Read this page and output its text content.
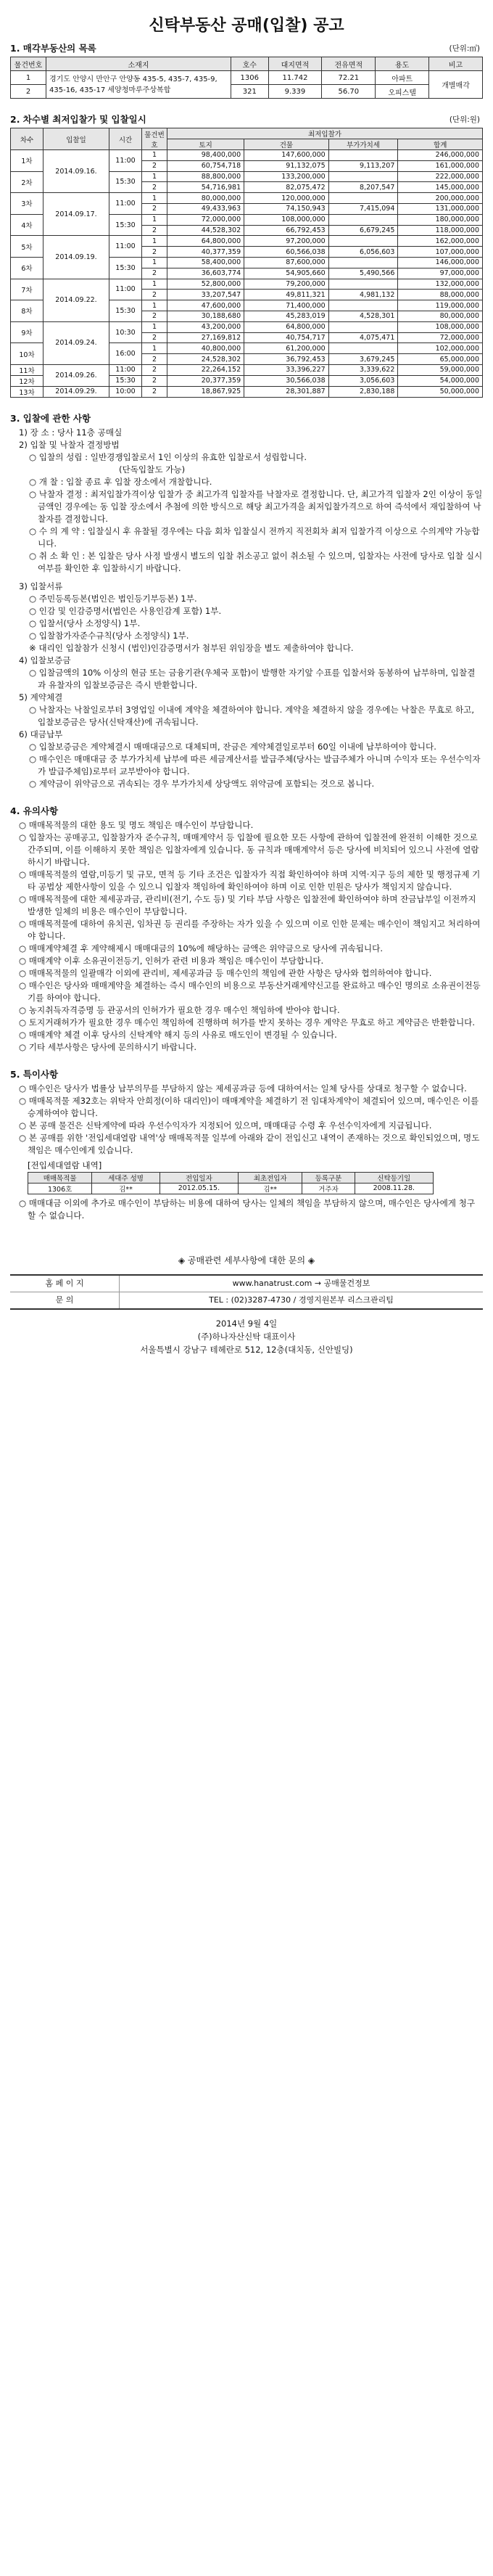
신탁부동산 공매(입찰) 공고
1. 매각부동산의 목록	(단위:㎡)
물건번호	소재지	호수	대지면적	전유면적	용도	비고
1	경기도 안양시 만안구 안양동 435-5, 435-7, 435-9, 435-16, 435-17 세양청마루주상복합	1306	11.742	72.21	아파트	개별매각
2		321	9.339	56.70	오피스텔	
2. 차수별 최저입찰가 및 입찰일시	(단위:원)
차수	입찰일	시간	물건번호	최저입찰가			
				토지	건물	부가가치세	합계
1차	2014.09.16.	11:00	1	98,400,000	147,600,000		246,000,000
			2	60,754,718	91,132,075	9,113,207	161,000,000
2차		15:30	1	88,800,000	133,200,000		222,000,000
			2	54,716,981	82,075,472	8,207,547	145,000,000
3차	2014.09.17.	11:00	1	80,000,000	120,000,000		200,000,000
			2	49,433,963	74,150,943	7,415,094	131,000,000
4차		15:30	1	72,000,000	108,000,000		180,000,000
			2	44,528,302	66,792,453	6,679,245	118,000,000
5차	2014.09.19.	11:00	1	64,800,000	97,200,000		162,000,000
			2	40,377,359	60,566,038	6,056,603	107,000,000
6차		15:30	1	58,400,000	87,600,000		146,000,000
			2	36,603,774	54,905,660	5,490,566	97,000,000
7차	2014.09.22.	11:00	1	52,800,000	79,200,000		132,000,000
			2	33,207,547	49,811,321	4,981,132	88,000,000
8차		15:30	1	47,600,000	71,400,000		119,000,000
			2	30,188,680	45,283,019	4,528,301	80,000,000
9차	2014.09.24.	10:30	1	43,200,000	64,800,000		108,000,000
			2	27,169,812	40,754,717	4,075,471	72,000,000
10차		16:00	1	40,800,000	61,200,000		102,000,000
			2	24,528,302	36,792,453	3,679,245	65,000,000
11차	2014.09.26.	11:00	2	22,264,152	33,396,227	3,339,622	59,000,000
12차		15:30	2	20,377,359	30,566,038	3,056,603	54,000,000
13차	2014.09.29.	10:00	2	18,867,925	28,301,887	2,830,188	50,000,000
3. 입찰에 관한 사항

1) 장 소 : 당사 11층 공매실

2) 입찰 및 낙찰자 결정방법

○ 입찰의 성립 : 일반경쟁입찰로서 1인 이상의 유효한 입찰로서 성립합니다.

(단독입찰도 가능)

○ 개 찰 : 입찰 종료 후 입찰 장소에서 개찰합니다.

○ 낙찰자 결정 : 최저입찰가격이상 입찰가 중 최고가격 입찰자를 낙찰자로 결정합니다. 단, 최고가격 입찰자 2인 이상이 동일금액인 경우에는 동 입찰 장소에서 추첨에 의한 방식으로 해당 최고가격을 최저입찰가격으로 하여 즉석에서 재입찰하여 낙찰자를 결정합니다.

○ 수 의 계 약 : 입찰실시 후 유찰될 경우에는 다음 회차 입찰실시 전까지 직전회차 최저 입찰가격 이상으로 수의계약 가능합니다.

○ 취 소 확 인 : 본 입찰은 당사 사정 발생시 별도의 입찰 취소공고 없이 취소될 수 있으며, 입찰자는 사전에 당사로 입찰 실시 여부를 확인한 후 입찰하시기 바랍니다.

3) 입찰서류

○ 주민등록등본(법인은 법인등기부등본) 1부.

○ 인감 및 인감증명서(법인은 사용인감계 포함) 1부.

○ 입찰서(당사 소정양식) 1부.

○ 입찰참가자준수규칙(당사 소정양식) 1부.

※ 대리인 입찰참가 신청시 (법인)인감증명서가 첨부된 위임장을 별도 제출하여야 합니다.

4) 입찰보증금

○ 입찰금액의 10% 이상의 현금 또는 금융기관(우체국 포함)이 발행한 자기앞 수표를 입찰서와 동봉하여 납부하며, 입찰결과 유찰자의 입찰보증금은 즉시 반환합니다.

5) 계약체결

○ 낙찰자는 낙찰일로부터 3영업일 이내에 계약을 체결하여야 합니다. 계약을 체결하지 않을 경우에는 낙찰은 무효로 하고, 입찰보증금은 당사(신탁재산)에 귀속됩니다.

6) 대금납부

○ 입찰보증금은 계약체결시 매매대금으로 대체되며, 잔금은 계약체결일로부터 60일 이내에 납부하여야 합니다.

○ 매수인은 매매대금 중 부가가치세 납부에 따른 세금계산서를 발급주체(당사는 발급주체가 아니며 수익자 또는 우선수익자가 발급주체임)로부터 교부받아야 합니다.

○ 계약금이 위약금으로 귀속되는 경우 부가가치세 상당액도 위약금에 포함되는 것으로 봅니다.

4. 유의사항

○ 매매목적물의 대한 용도 및 명도 책임은 매수인이 부담합니다.

○ 입찰자는 공매공고, 입찰참가자 준수규칙, 매매계약서 등 입찰에 필요한 모든 사항에 관하여 입찰전에 완전히 이해한 것으로 간주되며, 이를 이해하지 못한 책임은 입찰자에게 있습니다. 동 규칙과 매매계약서 등은 당사에 비치되어 있으니 사전에 열람하시기 바랍니다.

○ 매매목적물의 열람,미등기 및 규모, 면적 등 기타 조건은 입찰자가 직접 확인하여야 하며 지역·지구 등의 제한 및 행정규제 기타 공법상 제한사항이 있을 수 있으니 입찰자 책임하에 확인하여야 하며 이로 인한 민원은 당사가 책임지지 않습니다.

○ 매매목적물에 대한 제세공과금, 관리비(전기, 수도 등) 및 기타 부담 사항은 입찰전에 확인하여야 하며 잔금납부일 이전까지 발생한 일체의 비용은 매수인이 부담합니다.

○ 매매목적물에 대하여 유치권, 임차권 등 권리를 주장하는 자가 있을 수 있으며 이로 인한 문제는 매수인이 책임지고 처리하여야 합니다.

○ 매매계약체결 후 계약해제시 매매대금의 10%에 해당하는 금액은 위약금으로 당사에 귀속됩니다.

○ 매매계약 이후 소유권이전등기, 인허가 관련 비용과 책임은 매수인이 부담합니다.

○ 매매목적물의 일괄매각 이외에 관리비, 제세공과금 등 매수인의 책임에 관한 사항은 당사와 협의하여야 합니다.

○ 매수인은 당사와 매매계약을 체결하는 즉시 매수인의 비용으로 부동산거래계약신고를 완료하고 매수인 명의로 소유권이전등기를 하여야 합니다.

○ 농지취득자격증명 등 관공서의 인허가가 필요한 경우 매수인 책임하에 받아야 합니다.

○ 토지거래허가가 필요한 경우 매수인 책임하에 진행하며 허가를 받지 못하는 경우 계약은 무효로 하고 계약금은 반환합니다.

○ 매매계약 체결 이후 당사의 신탁계약 해지 등의 사유로 매도인이 변경될 수 있습니다.

○ 기타 세부사항은 당사에 문의하시기 바랍니다.

5. 특이사항

○ 매수인은 당사가 법률상 납부의무를 부담하지 않는 제세공과금 등에 대하여서는 일체 당사를 상대로 청구할 수 없습니다.

○ 매매목적물 제32호는 위탁자 안희정(이하 대리인)이 매매계약을 체결하기 전 임대차계약이 체결되어 있으며, 매수인은 이를 승계하여야 합니다.

○ 본 공매 물건은 신탁계약에 따라 우선수익자가 지정되어 있으며, 매매대금 수령 후 우선수익자에게 지급됩니다.

○ 본 공매를 위한 '전입세대열람 내역'상 매매목적물 일부에 아래와 같이 전입신고 내역이 존재하는 것으로 확인되었으며, 명도책임은 매수인에게 있습니다.

[전입세대열람 내역]

매매목적물	세대주 성명	전입일자	최초전입자	등록구분	신탁등기일
1306호	김**	2012.05.15.	김**	거주자	2008.11.28.

○ 매매대금 이외에 추가로 매수인이 부담하는 비용에 대하여 당사는 일체의 책임을 부담하지 않으며, 매수인은 당사에게 청구할 수 없습니다.

◈ 공매관련 세부사항에 대한 문의 ◈

홈 페 이 지	www.hanatrust.com → 공매물건정보
문 의	TEL : (02)3287-4730 / 경영지원본부 리스크관리팀

2014년 9월 4일

(주)하나자산신탁 대표이사

서울특별시 강남구 테헤란로 512, 12층(대치동, 신안빌딩)
